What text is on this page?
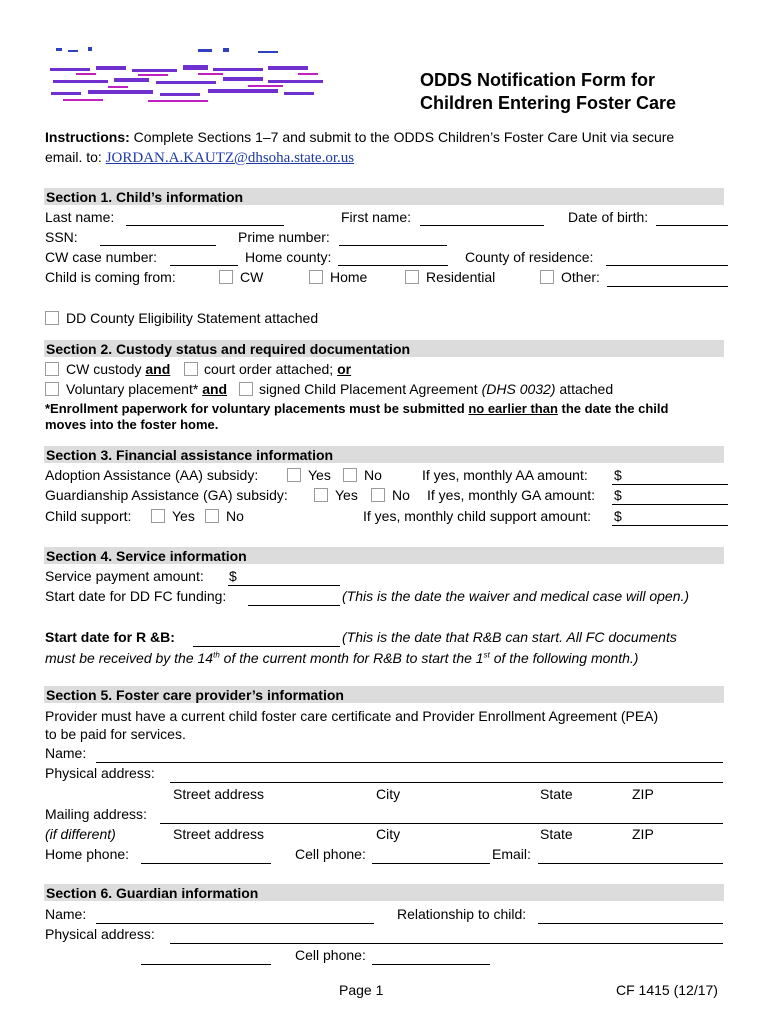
ODDS Notification Form for
Children Entering Foster Care
Instructions: Complete Sections 1–7 and submit to the ODDS Children’s Foster Care Unit via secure
email. to: JORDAN.A.KAUTZ@dhsoha.state.or.us
Section 1. Child’s information
Last name:	First name:	Date of birth:
SSN:	Prime number:
CW case number:	Home county:	County of residence:
Child is coming from:	CW	Home	Residential	Other:
DD County Eligibility Statement attached
Section 2. Custody status and required documentation
CW custody and court order attached; or
Voluntary placement* and signed Child Placement Agreement (DHS 0032) attached
*Enrollment paperwork for voluntary placements must be submitted no earlier than the date the child
moves into the foster home.
Section 3. Financial assistance information
Adoption Assistance (AA) subsidy:	Yes No	If yes, monthly AA amount: $
Guardianship Assistance (GA) subsidy:	Yes No If yes, monthly GA amount: $
Child support:	Yes No	If yes, monthly child support amount: $
Section 4. Service information
Service payment amount: $
Start date for DD FC funding:	(This is the date the waiver and medical case will open.)
Start date for R &B:	(This is the date that R&B can start. All FC documents
must be received by the 14th of the current month for R&B to start the 1st of the following month.)
Section 5. Foster care provider’s information
Provider must have a current child foster care certificate and Provider Enrollment Agreement (PEA)
to be paid for services.
Name:
Physical address:
Street address	City	State	ZIP
Mailing address:
(if different)	Street address	City	State	ZIP
Home phone:	Cell phone:	Email:
Section 6. Guardian information
Name:	Relationship to child:
Physical address:
Cell phone:
Page 1	CF 1415 (12/17)
